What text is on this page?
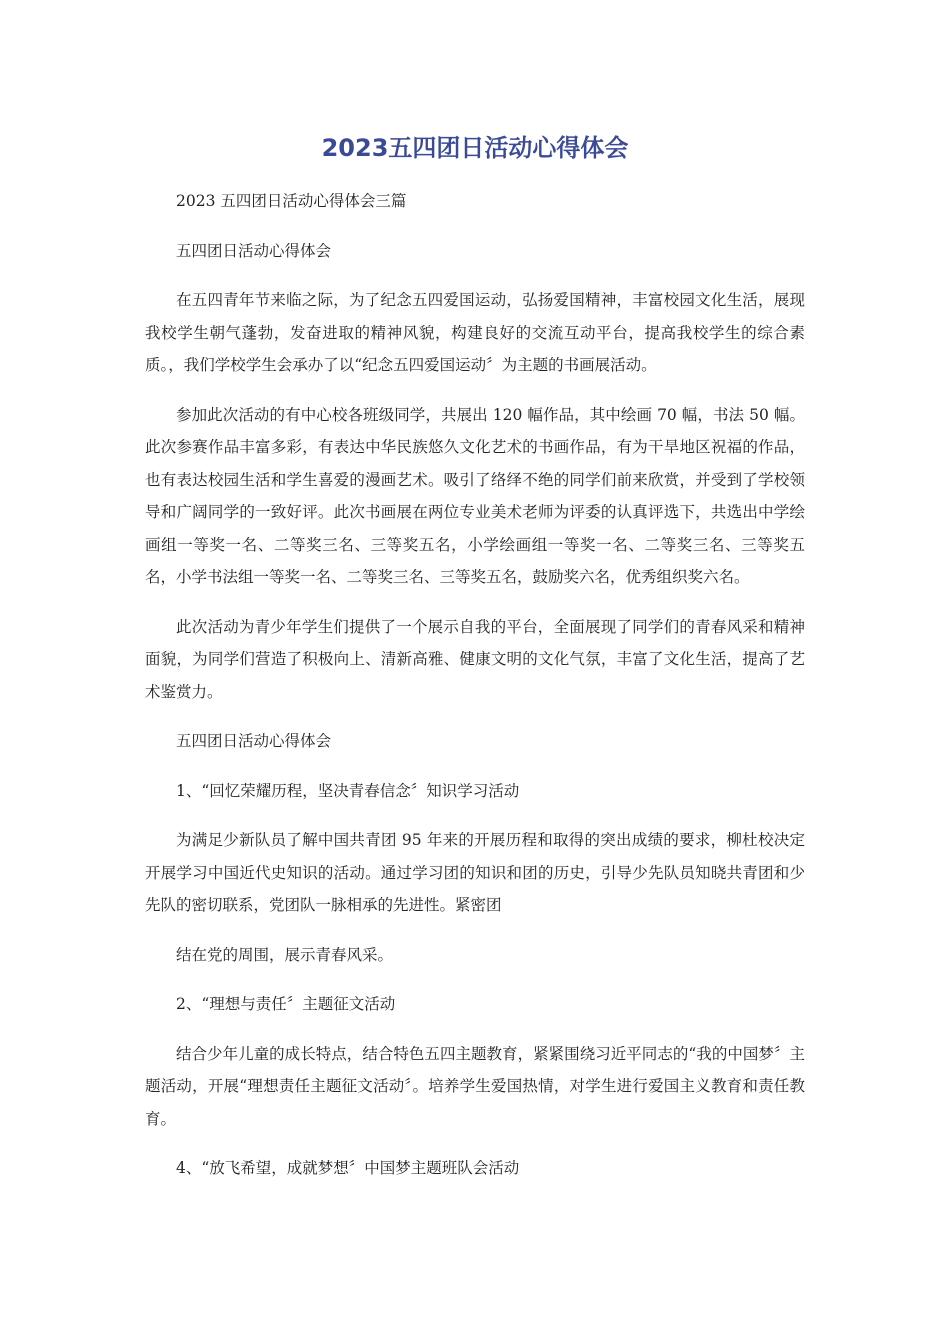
2023五四团日活动心得体会

2023 五四团日活动心得体会三篇

五四团日活动心得体会

在五四青年节来临之际，为了纪念五四爱国运动，弘扬爱国精神，丰富校园文化生活，展现我校学生朝气蓬勃，发奋进取的精神风貌，构建良好的交流互动平台，提高我校学生的综合素质。，我们学校学生会承办了以“纪念五四爱国运动〞为主题的书画展活动。

参加此次活动的有中心校各班级同学，共展出 120 幅作品，其中绘画 70 幅，书法 50 幅。此次参赛作品丰富多彩，有表达中华民族悠久文化艺术的书画作品，有为干旱地区祝福的作品，也有表达校园生活和学生喜爱的漫画艺术。吸引了络绎不绝的同学们前来欣赏，并受到了学校领导和广阔同学的一致好评。此次书画展在两位专业美术老师为评委的认真评选下，共选出中学绘画组一等奖一名、二等奖三名、三等奖五名，小学绘画组一等奖一名、二等奖三名、三等奖五名，小学书法组一等奖一名、二等奖三名、三等奖五名，鼓励奖六名，优秀组织奖六名。

此次活动为青少年学生们提供了一个展示自我的平台，全面展现了同学们的青春风采和精神面貌，为同学们营造了积极向上、清新高雅、健康文明的文化气氛，丰富了文化生活，提高了艺术鉴赏力。

五四团日活动心得体会

1、“回忆荣耀历程，坚决青春信念〞知识学习活动

为满足少新队员了解中国共青团 95 年来的开展历程和取得的突出成绩的要求，柳杜校决定开展学习中国近代史知识的活动。通过学习团的知识和团的历史，引导少先队员知晓共青团和少先队的密切联系，党团队一脉相承的先进性。紧密团

结在党的周围，展示青春风采。

2、“理想与责任〞主题征文活动

结合少年儿童的成长特点，结合特色五四主题教育，紧紧围绕习近平同志的“我的中国梦〞主题活动，开展“理想责任主题征文活动〞。培养学生爱国热情，对学生进行爱国主义教育和责任教育。

4、“放飞希望，成就梦想〞中国梦主题班队会活动
